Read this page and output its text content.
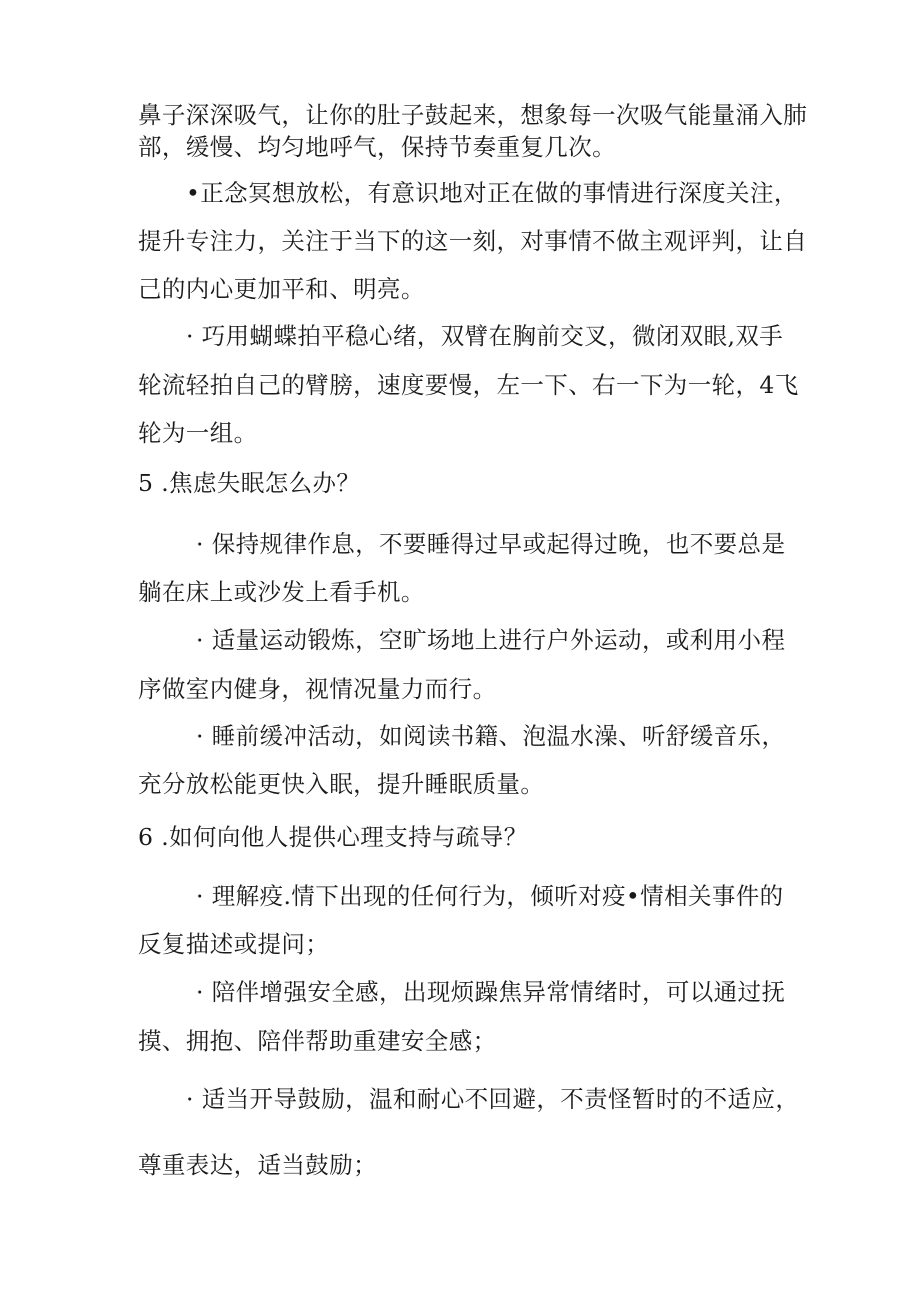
鼻子深深吸气，让你的肚子鼓起来，想象每一次吸气能量涌入肺

部，缓慢、均匀地呼气，保持节奏重复几次。

•正念冥想放松，有意识地对正在做的事情进行深度关注，

提升专注力，关注于当下的这一刻，对事情不做主观评判，让自

己的内心更加平和、明亮。

· 巧用蝴蝶拍平稳心绪，双臂在胸前交叉，微闭双眼,双手

轮流轻拍自己的臂膀，速度要慢，左一下、右一下为一轮，4飞

轮为一组。

5 .焦虑失眠怎么办？

· 保持规律作息，不要睡得过早或起得过晚，也不要总是

躺在床上或沙发上看手机。

· 适量运动锻炼，空旷场地上进行户外运动，或利用小程

序做室内健身，视情况量力而行。

· 睡前缓冲活动，如阅读书籍、泡温水澡、听舒缓音乐，

充分放松能更快入眠，提升睡眠质量。

6 .如何向他人提供心理支持与疏导？

· 理解疫.情下出现的任何行为，倾听对疫•情相关事件的

反复描述或提问；

· 陪伴增强安全感，出现烦躁焦异常情绪时，可以通过抚

摸、拥抱、陪伴帮助重建安全感；

· 适当开导鼓励，温和耐心不回避，不责怪暂时的不适应，

尊重表达，适当鼓励；
